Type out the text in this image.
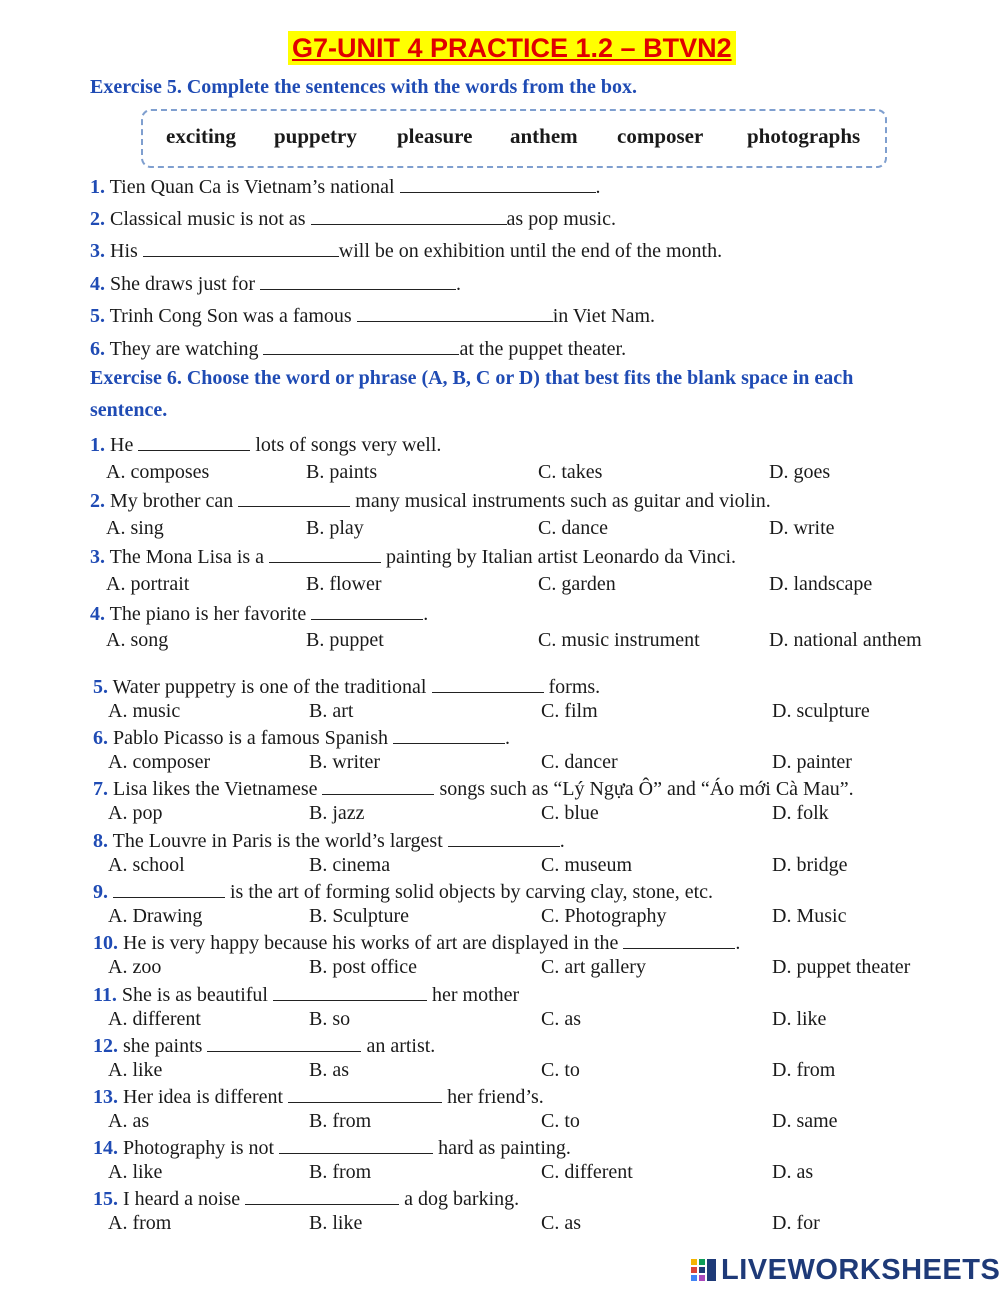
G7-UNIT 4 PRACTICE 1.2 – BTVN2
Exercise 5. Complete the sentences with the words from the box.
exciting puppetry pleasure anthem composer photographs
1. Tien Quan Ca is Vietnam’s national	.
2. Classical music is not as	as pop music.
3. His	will be on exhibition until the end of the month.
4. She draws just for	.
5. Trinh Cong Son was a famous	in Viet Nam.
6. They are watching	at the puppet theater.
Exercise 6. Choose the word or phrase (A, B, C or D) that best fits the blank space in each
sentence.
1. He	lots of songs very well.
A. composes	B. paints	C. takes	D. goes
2. My brother can	many musical instruments such as guitar and violin.
A. sing	B. play	C. dance	D. write
3. The Mona Lisa is a	painting by Italian artist Leonardo da Vinci.
A. portrait	B. flower	C. garden	D. landscape
4. The piano is her favorite	.
A. song	B. puppet	C. music instrument	D. national anthem
5. Water puppetry is one of the traditional	forms.
A. music	B. art	C. film	D. sculpture
6. Pablo Picasso is a famous Spanish	.
A. composer	B. writer	C. dancer	D. painter
7. Lisa likes the Vietnamese	songs such as “Lý Ngựa Ô” and “Áo mới Cà Mau”.
A. pop	B. jazz	C. blue	D. folk
8. The Louvre in Paris is the world’s largest	.
A. school	B. cinema	C. museum	D. bridge
9.	is the art of forming solid objects by carving clay, stone, etc.
A. Drawing	B. Sculpture	C. Photography	D. Music
10. He is very happy because his works of art are displayed in the	.
A. zoo	B. post office	C. art gallery	D. puppet theater
11. She is as beautiful	her mother
A. different	B. so	C. as	D. like
12. she paints	an artist.
A. like	B. as	C. to	D. from
13. Her idea is different	her friend’s.
A. as	B. from	C. to	D. same
14. Photography is not	hard as painting.
A. like	B. from	C. different	D. as
15. I heard a noise	a dog barking.
A. from	B. like	C. as	D. for
LIVEWORKSHEETS
